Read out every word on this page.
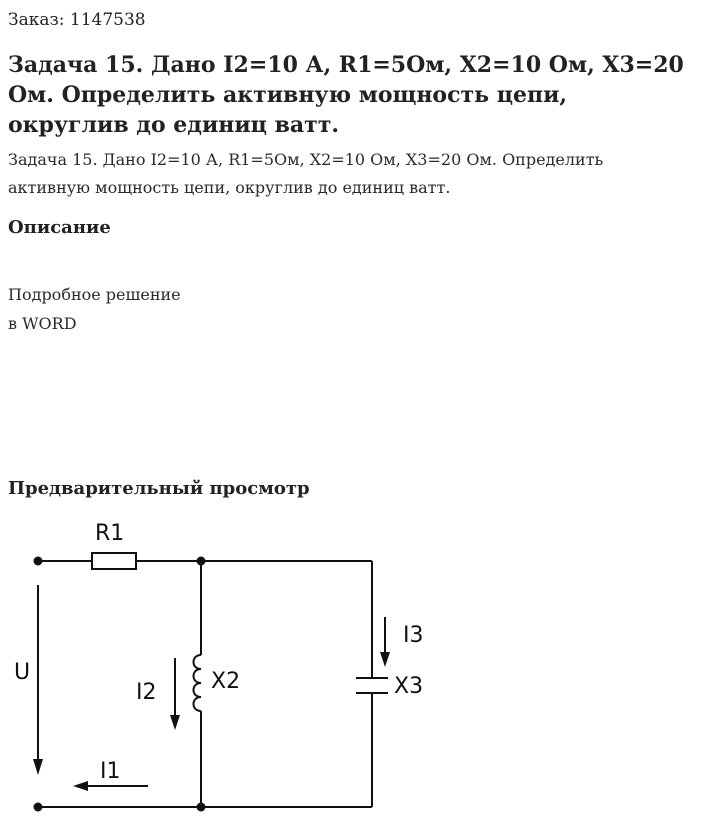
Заказ: 1147538
Задача 15. Дано I2=10 А, R1=5Ом, X2=10 Ом, X3=20 Ом. Определить активную мощность цепи, округлив до единиц ватт.

Задача 15. Дано I2=10 А, R1=5Ом, X2=10 Ом, X3=20 Ом. Определить активную мощность цепи, округлив до единиц ватт.

Описание
Подробное решение
в WORD
Предварительный просмотр
R1
U
I1
I2 X2
I3
X3
